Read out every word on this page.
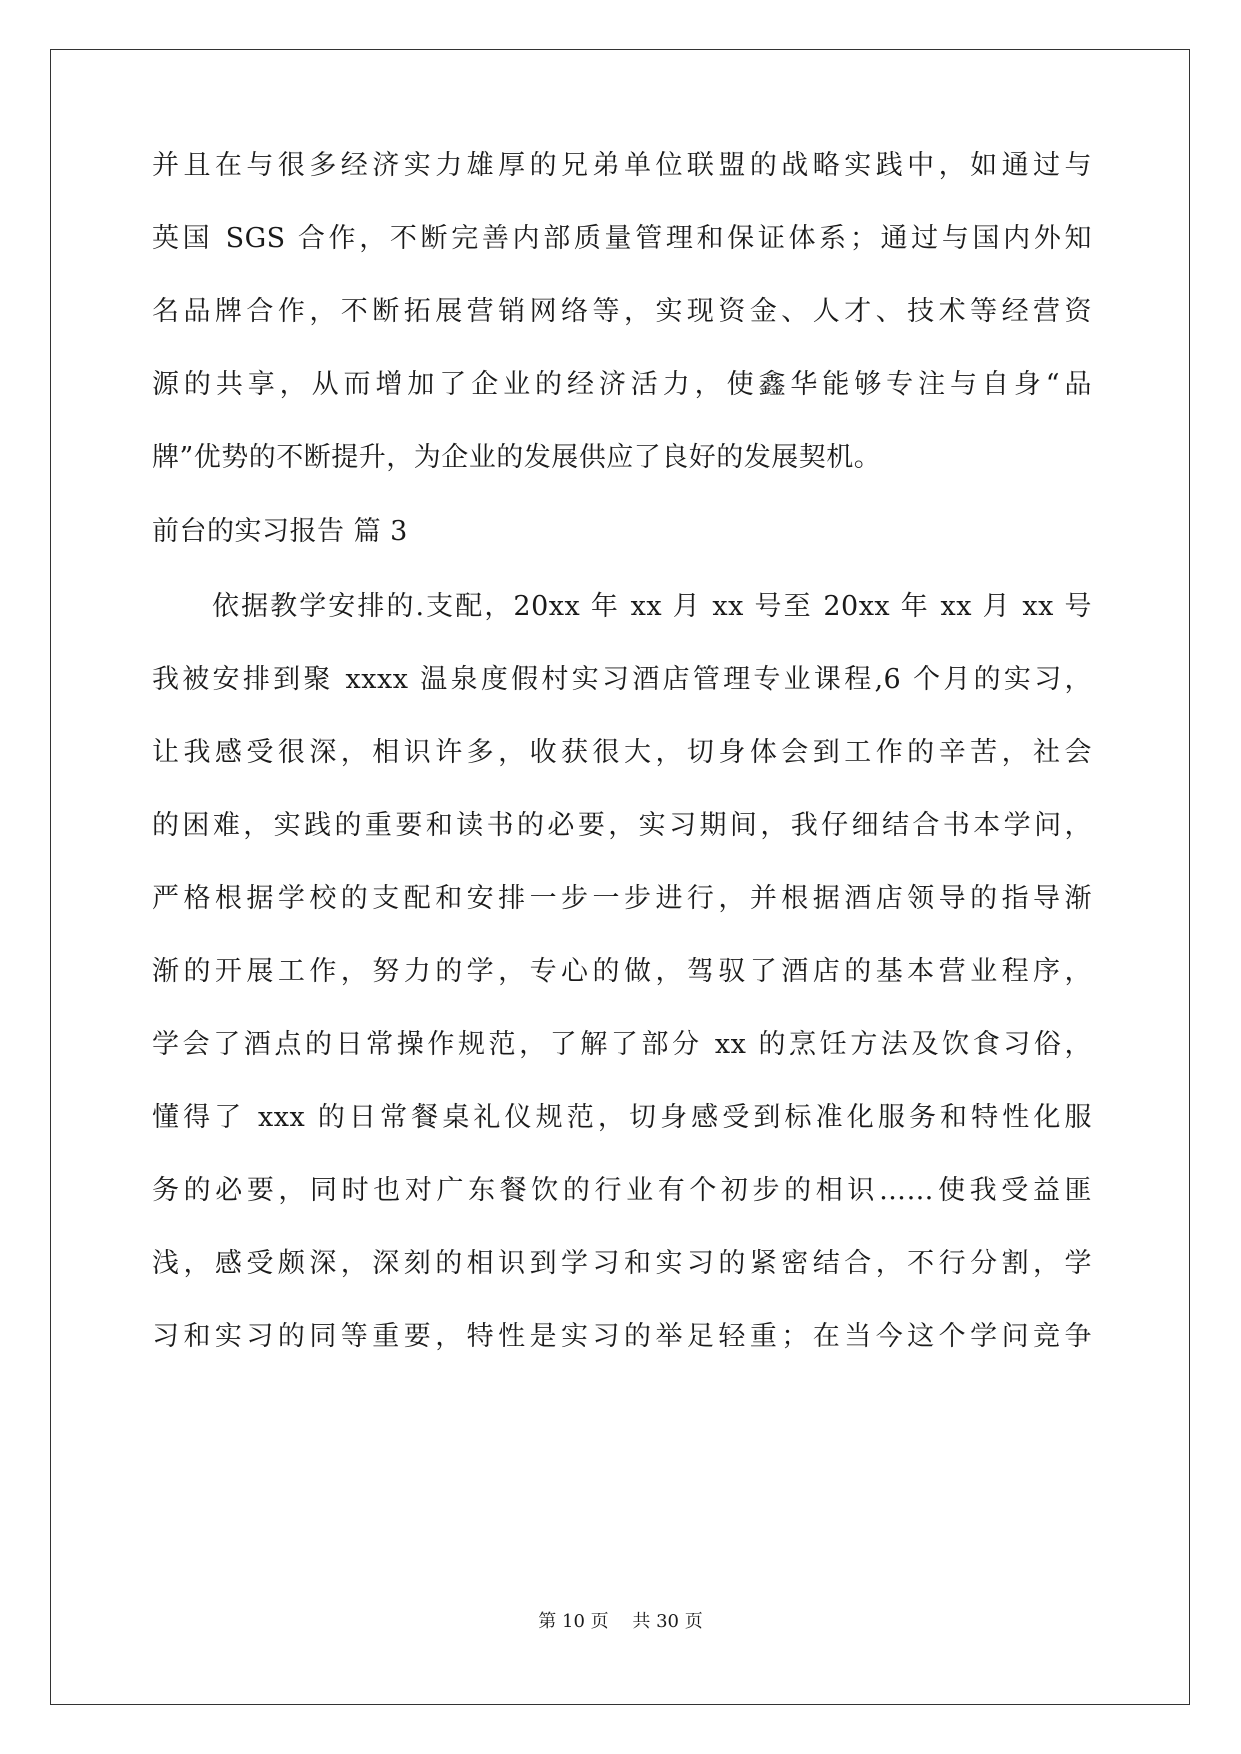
并且在与很多经济实力雄厚的兄弟单位联盟的战略实践中，如通过与
英国 SGS 合作，不断完善内部质量管理和保证体系；通过与国内外知
名品牌合作，不断拓展营销网络等，实现资金、人才、技术等经营资
源的共享，从而增加了企业的经济活力，使鑫华能够专注与自身“品
牌”优势的不断提升，为企业的发展供应了良好的发展契机。
前台的实习报告 篇 3
依据教学安排的.支配，20xx 年 xx 月 xx 号至 20xx 年 xx 月 xx 号
我被安排到聚 xxxx 温泉度假村实习酒店管理专业课程,6 个月的实习，
让我感受很深，相识许多，收获很大，切身体会到工作的辛苦，社会
的困难，实践的重要和读书的必要，实习期间，我仔细结合书本学问，
严格根据学校的支配和安排一步一步进行，并根据酒店领导的指导渐
渐的开展工作，努力的学，专心的做，驾驭了酒店的基本营业程序，
学会了酒点的日常操作规范，了解了部分 xx 的烹饪方法及饮食习俗，
懂得了 xxx 的日常餐桌礼仪规范，切身感受到标准化服务和特性化服
务的必要，同时也对广东餐饮的行业有个初步的相识……使我受益匪
浅，感受颇深，深刻的相识到学习和实习的紧密结合，不行分割，学
习和实习的同等重要，特性是实习的举足轻重；在当今这个学问竞争
第 10 页　 共 30 页
